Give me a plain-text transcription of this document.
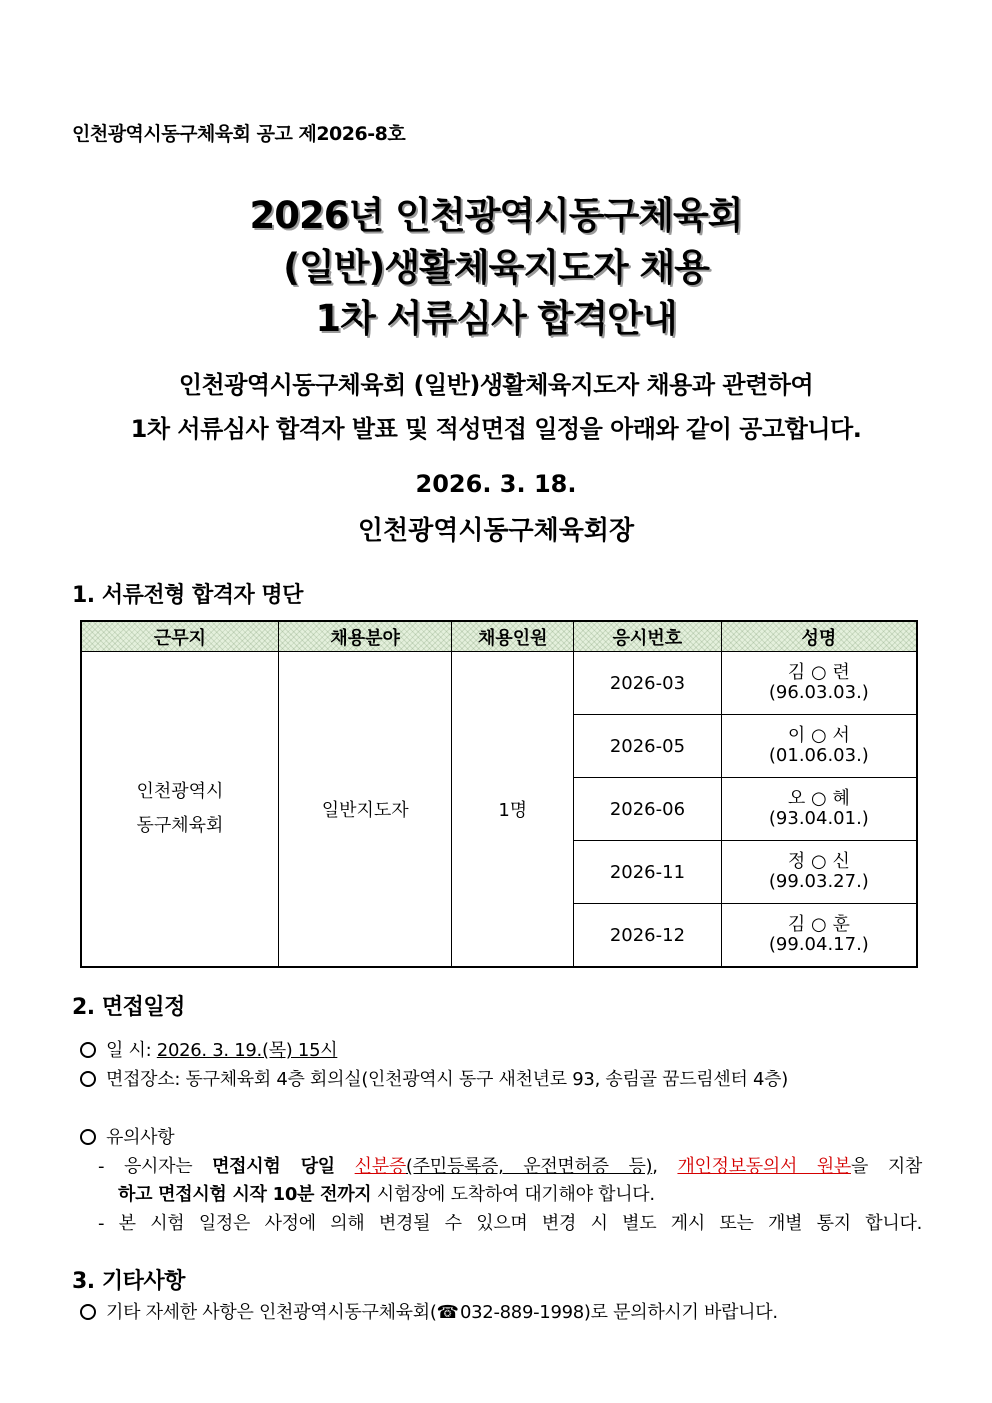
인천광역시동구체육회 공고 제2026-8호
2026년 인천광역시동구체육회
(일반)생활체육지도자 채용
1차 서류심사 합격안내
인천광역시동구체육회 (일반)생활체육지도자 채용과 관련하여
1차 서류심사 합격자 발표 및 적성면접 일정을 아래와 같이 공고합니다.
2026. 3. 18.
인천광역시동구체육회장
1. 서류전형 합격자 명단
근무지	채용분야	채용인원	응시번호	성명
인천광역시
동구체육회	일반지도자	1명	2026-03	김 ○ 련
(96.03.03.)

			2026-05	이 ○ 서
(01.06.03.)

			2026-06	오 ○ 혜
(93.04.01.)

			2026-11	정 ○ 신
(99.03.27.)

			2026-12	김 ○ 훈
(99.04.17.)
2. 면접일정
일 시: 2026. 3. 19.(목) 15시
면접장소: 동구체육회 4층 회의실(인천광역시 동구 새천년로 93, 송림골 꿈드림센터 4층)
유의사항
- 응시자는 면접시험 당일 신분증(주민등록증, 운전면허증 등), 개인정보동의서 원본을 지참
하고 면접시험 시작 10분 전까지 시험장에 도착하여 대기해야 합니다.
- 본 시험 일정은 사정에 의해 변경될 수 있으며 변경 시 별도 게시 또는 개별 통지 합니다.
3. 기타사항
기타 자세한 사항은 인천광역시동구체육회(☎ 032-889-1998)로 문의하시기 바랍니다.
